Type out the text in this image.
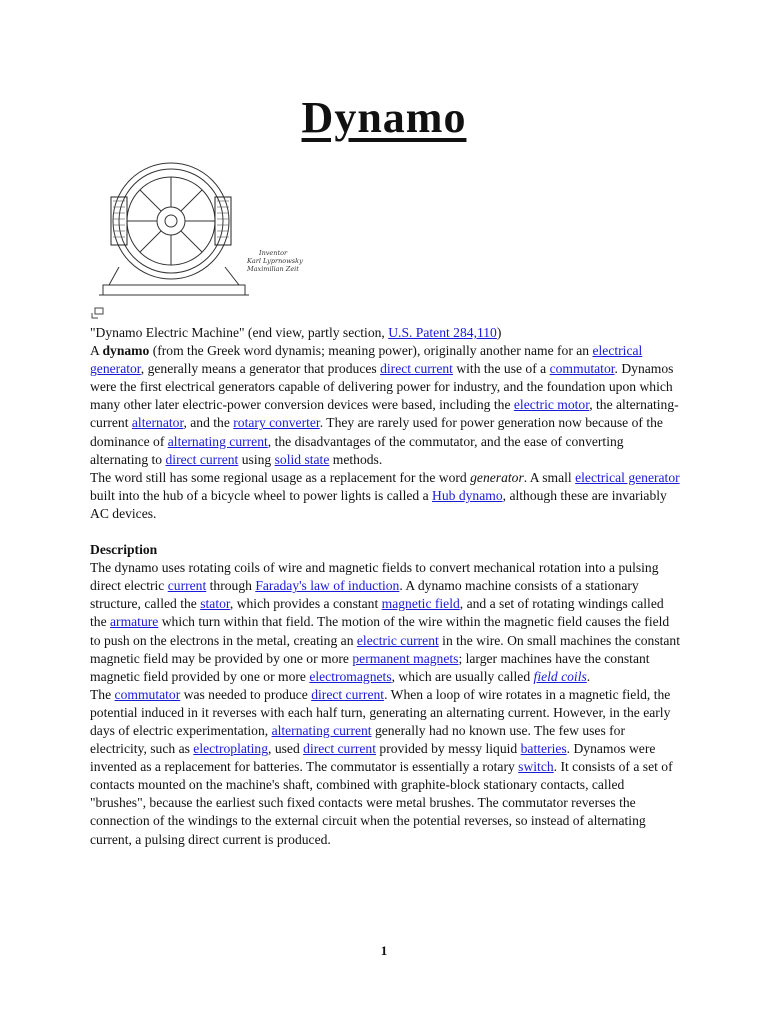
Dynamo
Inventor
Karl Lyprnowsky
Maximilian Zeit

"Dynamo Electric Machine" (end view, partly section, U.S. Patent 284,110)

A dynamo (from the Greek word dynamis; meaning power), originally another name for an electrical generator, generally means a generator that produces direct current with the use of a commutator. Dynamos were the first electrical generators capable of delivering power for industry, and the foundation upon which many other later electric-power conversion devices were based, including the electric motor, the alternating-current alternator, and the rotary converter. They are rarely used for power generation now because of the dominance of alternating current, the disadvantages of the commutator, and the ease of converting alternating to direct current using solid state methods.

The word still has some regional usage as a replacement for the word generator. A small electrical generator built into the hub of a bicycle wheel to power lights is called a Hub dynamo, although these are invariably AC devices.

Description

The dynamo uses rotating coils of wire and magnetic fields to convert mechanical rotation into a pulsing direct electric current through Faraday's law of induction. A dynamo machine consists of a stationary structure, called the stator, which provides a constant magnetic field, and a set of rotating windings called the armature which turn within that field. The motion of the wire within the magnetic field causes the field to push on the electrons in the metal, creating an electric current in the wire. On small machines the constant magnetic field may be provided by one or more permanent magnets; larger machines have the constant magnetic field provided by one or more electromagnets, which are usually called field coils.

The commutator was needed to produce direct current. When a loop of wire rotates in a magnetic field, the potential induced in it reverses with each half turn, generating an alternating current. However, in the early days of electric experimentation, alternating current generally had no known use. The few uses for electricity, such as electroplating, used direct current provided by messy liquid batteries. Dynamos were invented as a replacement for batteries. The commutator is essentially a rotary switch. It consists of a set of contacts mounted on the machine's shaft, combined with graphite-block stationary contacts, called "brushes", because the earliest such fixed contacts were metal brushes. The commutator reverses the connection of the windings to the external circuit when the potential reverses, so instead of alternating current, a pulsing direct current is produced.

1
